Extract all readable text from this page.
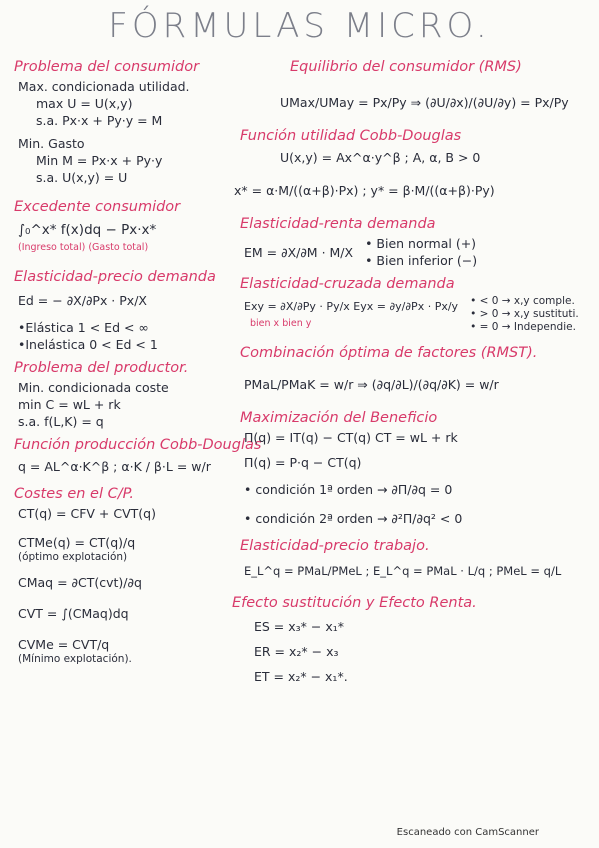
FÓRMULAS MICRO.
Problema del consumidor
Max. condicionada utilidad.
max U = U(x,y)
s.a. Px·x + Py·y = M
Min. Gasto
Min M = Px·x + Py·y
s.a. U(x,y) = U
Excedente consumidor
∫₀^x* f(x)dq − Px·x*
(Ingreso total) (Gasto total)
Elasticidad-precio demanda
Ed = − ∂X/∂Px · Px/X
•Elástica 1 < Ed < ∞
•Inelástica 0 < Ed < 1
Problema del productor.
Min. condicionada coste
min C = wL + rk
s.a. f(L,K) = q
Función producción Cobb-Douglas
q = AL^α·K^β ; α·K / β·L = w/r
Costes en el C/P.
CT(q) = CFV + CVT(q)
CTMe(q) = CT(q)/q
(óptimo explotación)
CMaq = ∂CT(cvt)/∂q
CVT = ∫(CMaq)dq
CVMe = CVT/q
(Mínimo explotación).
Equilibrio del consumidor (RMS)
UMax/UMay = Px/Py ⇒ (∂U/∂x)/(∂U/∂y) = Px/Py
Función utilidad Cobb-Douglas
U(x,y) = Ax^α·y^β ; A, α, B > 0
x* = α·M/((α+β)·Px) ; y* = β·M/((α+β)·Py)
Elasticidad-renta demanda
EM = ∂X/∂M · M/X
• Bien normal (+)
• Bien inferior (−)
Elasticidad-cruzada demanda
Exy = ∂X/∂Py · Py/x Eyx = ∂y/∂Px · Px/y
bien x bien y
• < 0 → x,y comple.
• > 0 → x,y sustituti.
• = 0 → Independie.
Combinación óptima de factores (RMST).
PMaL/PMaK = w/r ⇒ (∂q/∂L)/(∂q/∂K) = w/r
Maximización del Beneficio
Π(q) = IT(q) − CT(q) CT = wL + rk
Π(q) = P·q − CT(q)
• condición 1ª orden → ∂Π/∂q = 0
• condición 2ª orden → ∂²Π/∂q² < 0
Elasticidad-precio trabajo.
E_L^q = PMaL/PMeL ; E_L^q = PMaL · L/q ; PMeL = q/L
Efecto sustitución y Efecto Renta.
ES = x₃* − x₁*
ER = x₂* − x₃
ET = x₂* − x₁*.
Escaneado con CamScanner
